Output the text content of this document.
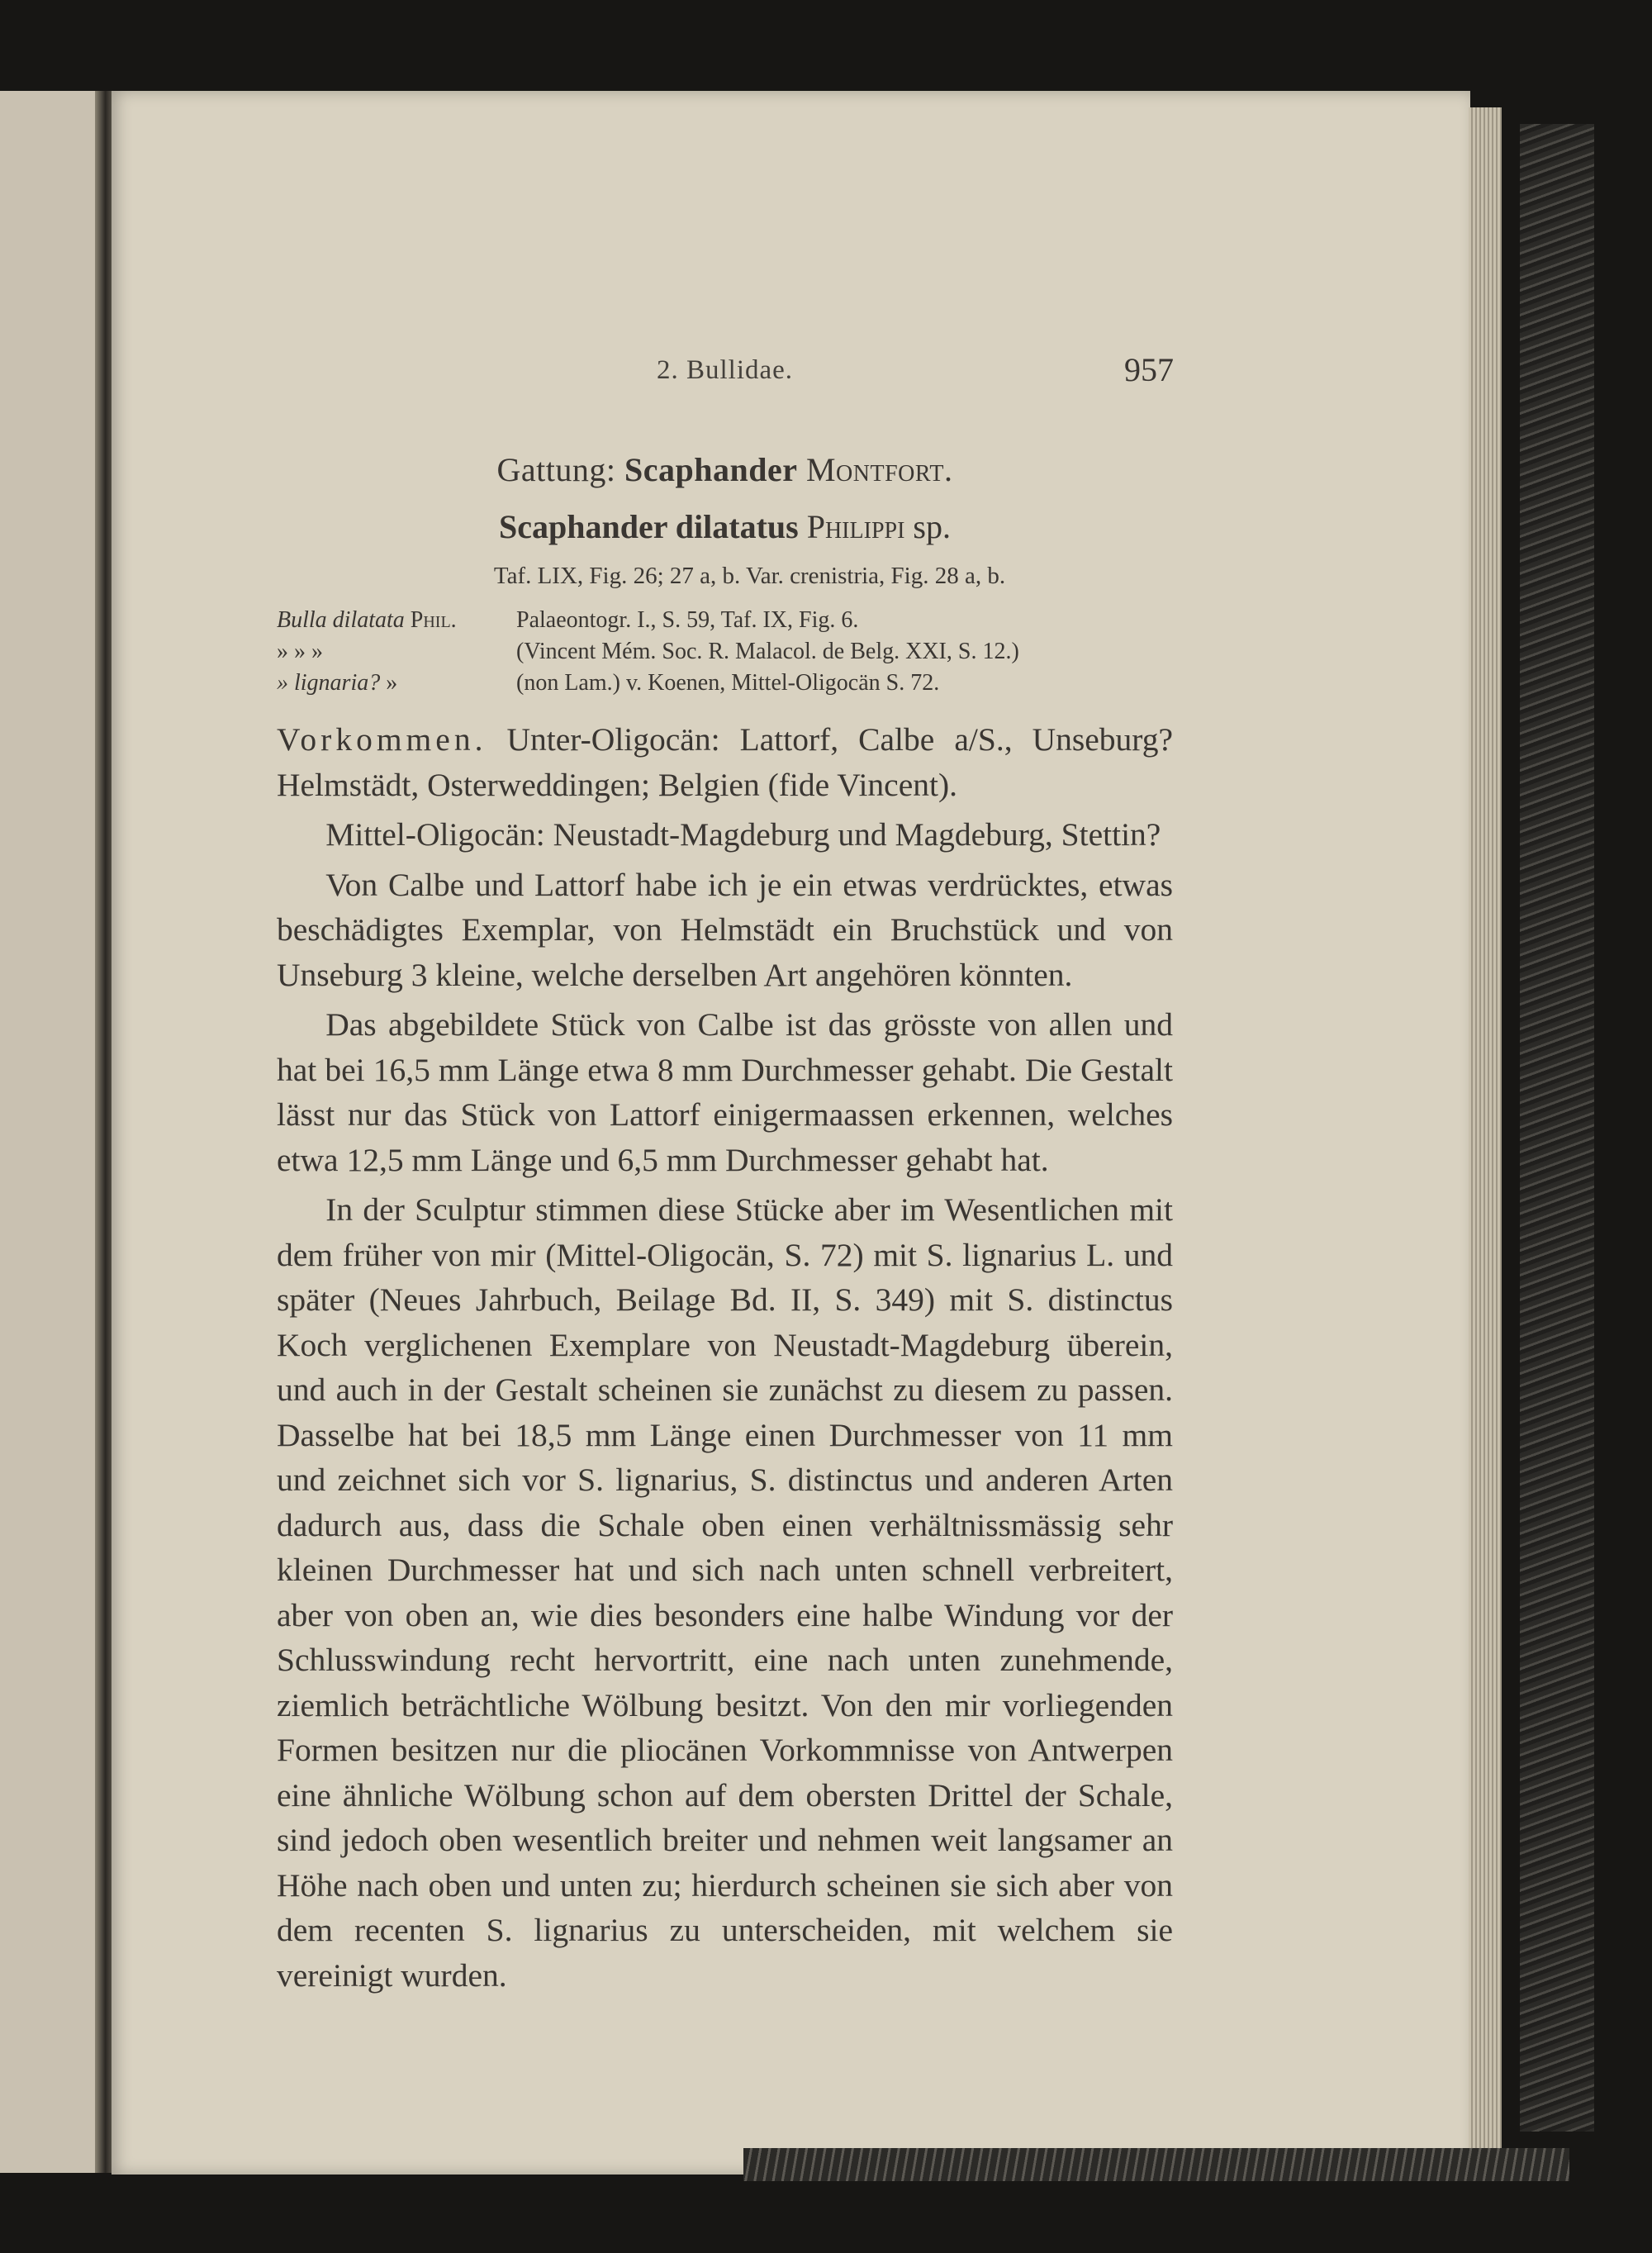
2. Bullidae.	957
Gattung: Scaphander Montfort.
Scaphander dilatatus Philippi sp.
Taf. LIX, Fig. 26; 27 a, b. Var. crenistria, Fig. 28 a, b.
Bulla dilatata Phil.	Palaeontogr. I., S. 59, Taf. IX, Fig. 6.
» » »	(Vincent Mém. Soc. R. Malacol. de Belg. XXI, S. 12.)
» lignaria? »	(non Lam.) v. Koenen, Mittel-Oligocän S. 72.

Vorkommen. Unter-Oligocän: Lattorf, Calbe a/S., Unseburg? Helmstädt, Osterweddingen; Belgien (fide Vincent).

Mittel-Oligocän: Neustadt-Magdeburg und Magdeburg, Stettin?

Von Calbe und Lattorf habe ich je ein etwas verdrücktes, etwas beschädigtes Exemplar, von Helmstädt ein Bruchstück und von Unseburg 3 kleine, welche derselben Art angehören könnten.

Das abgebildete Stück von Calbe ist das grösste von allen und hat bei 16,5 mm Länge etwa 8 mm Durchmesser gehabt. Die Gestalt lässt nur das Stück von Lattorf einigermaassen erkennen, welches etwa 12,5 mm Länge und 6,5 mm Durchmesser gehabt hat.

In der Sculptur stimmen diese Stücke aber im Wesentlichen mit dem früher von mir (Mittel-Oligocän, S. 72) mit S. lignarius L. und später (Neues Jahrbuch, Beilage Bd. II, S. 349) mit S. distinctus Koch verglichenen Exemplare von Neustadt-Magdeburg überein, und auch in der Gestalt scheinen sie zunächst zu diesem zu passen. Dasselbe hat bei 18,5 mm Länge einen Durchmesser von 11 mm und zeichnet sich vor S. lignarius, S. distinctus und anderen Arten dadurch aus, dass die Schale oben einen verhältnissmässig sehr kleinen Durchmesser hat und sich nach unten schnell verbreitert, aber von oben an, wie dies besonders eine halbe Windung vor der Schlusswindung recht hervortritt, eine nach unten zunehmende, ziemlich beträchtliche Wölbung besitzt. Von den mir vorliegenden Formen besitzen nur die pliocänen Vorkommnisse von Antwerpen eine ähnliche Wölbung schon auf dem obersten Drittel der Schale, sind jedoch oben wesentlich breiter und nehmen weit langsamer an Höhe nach oben und unten zu; hierdurch scheinen sie sich aber von dem recenten S. lignarius zu unterscheiden, mit welchem sie vereinigt wurden.
